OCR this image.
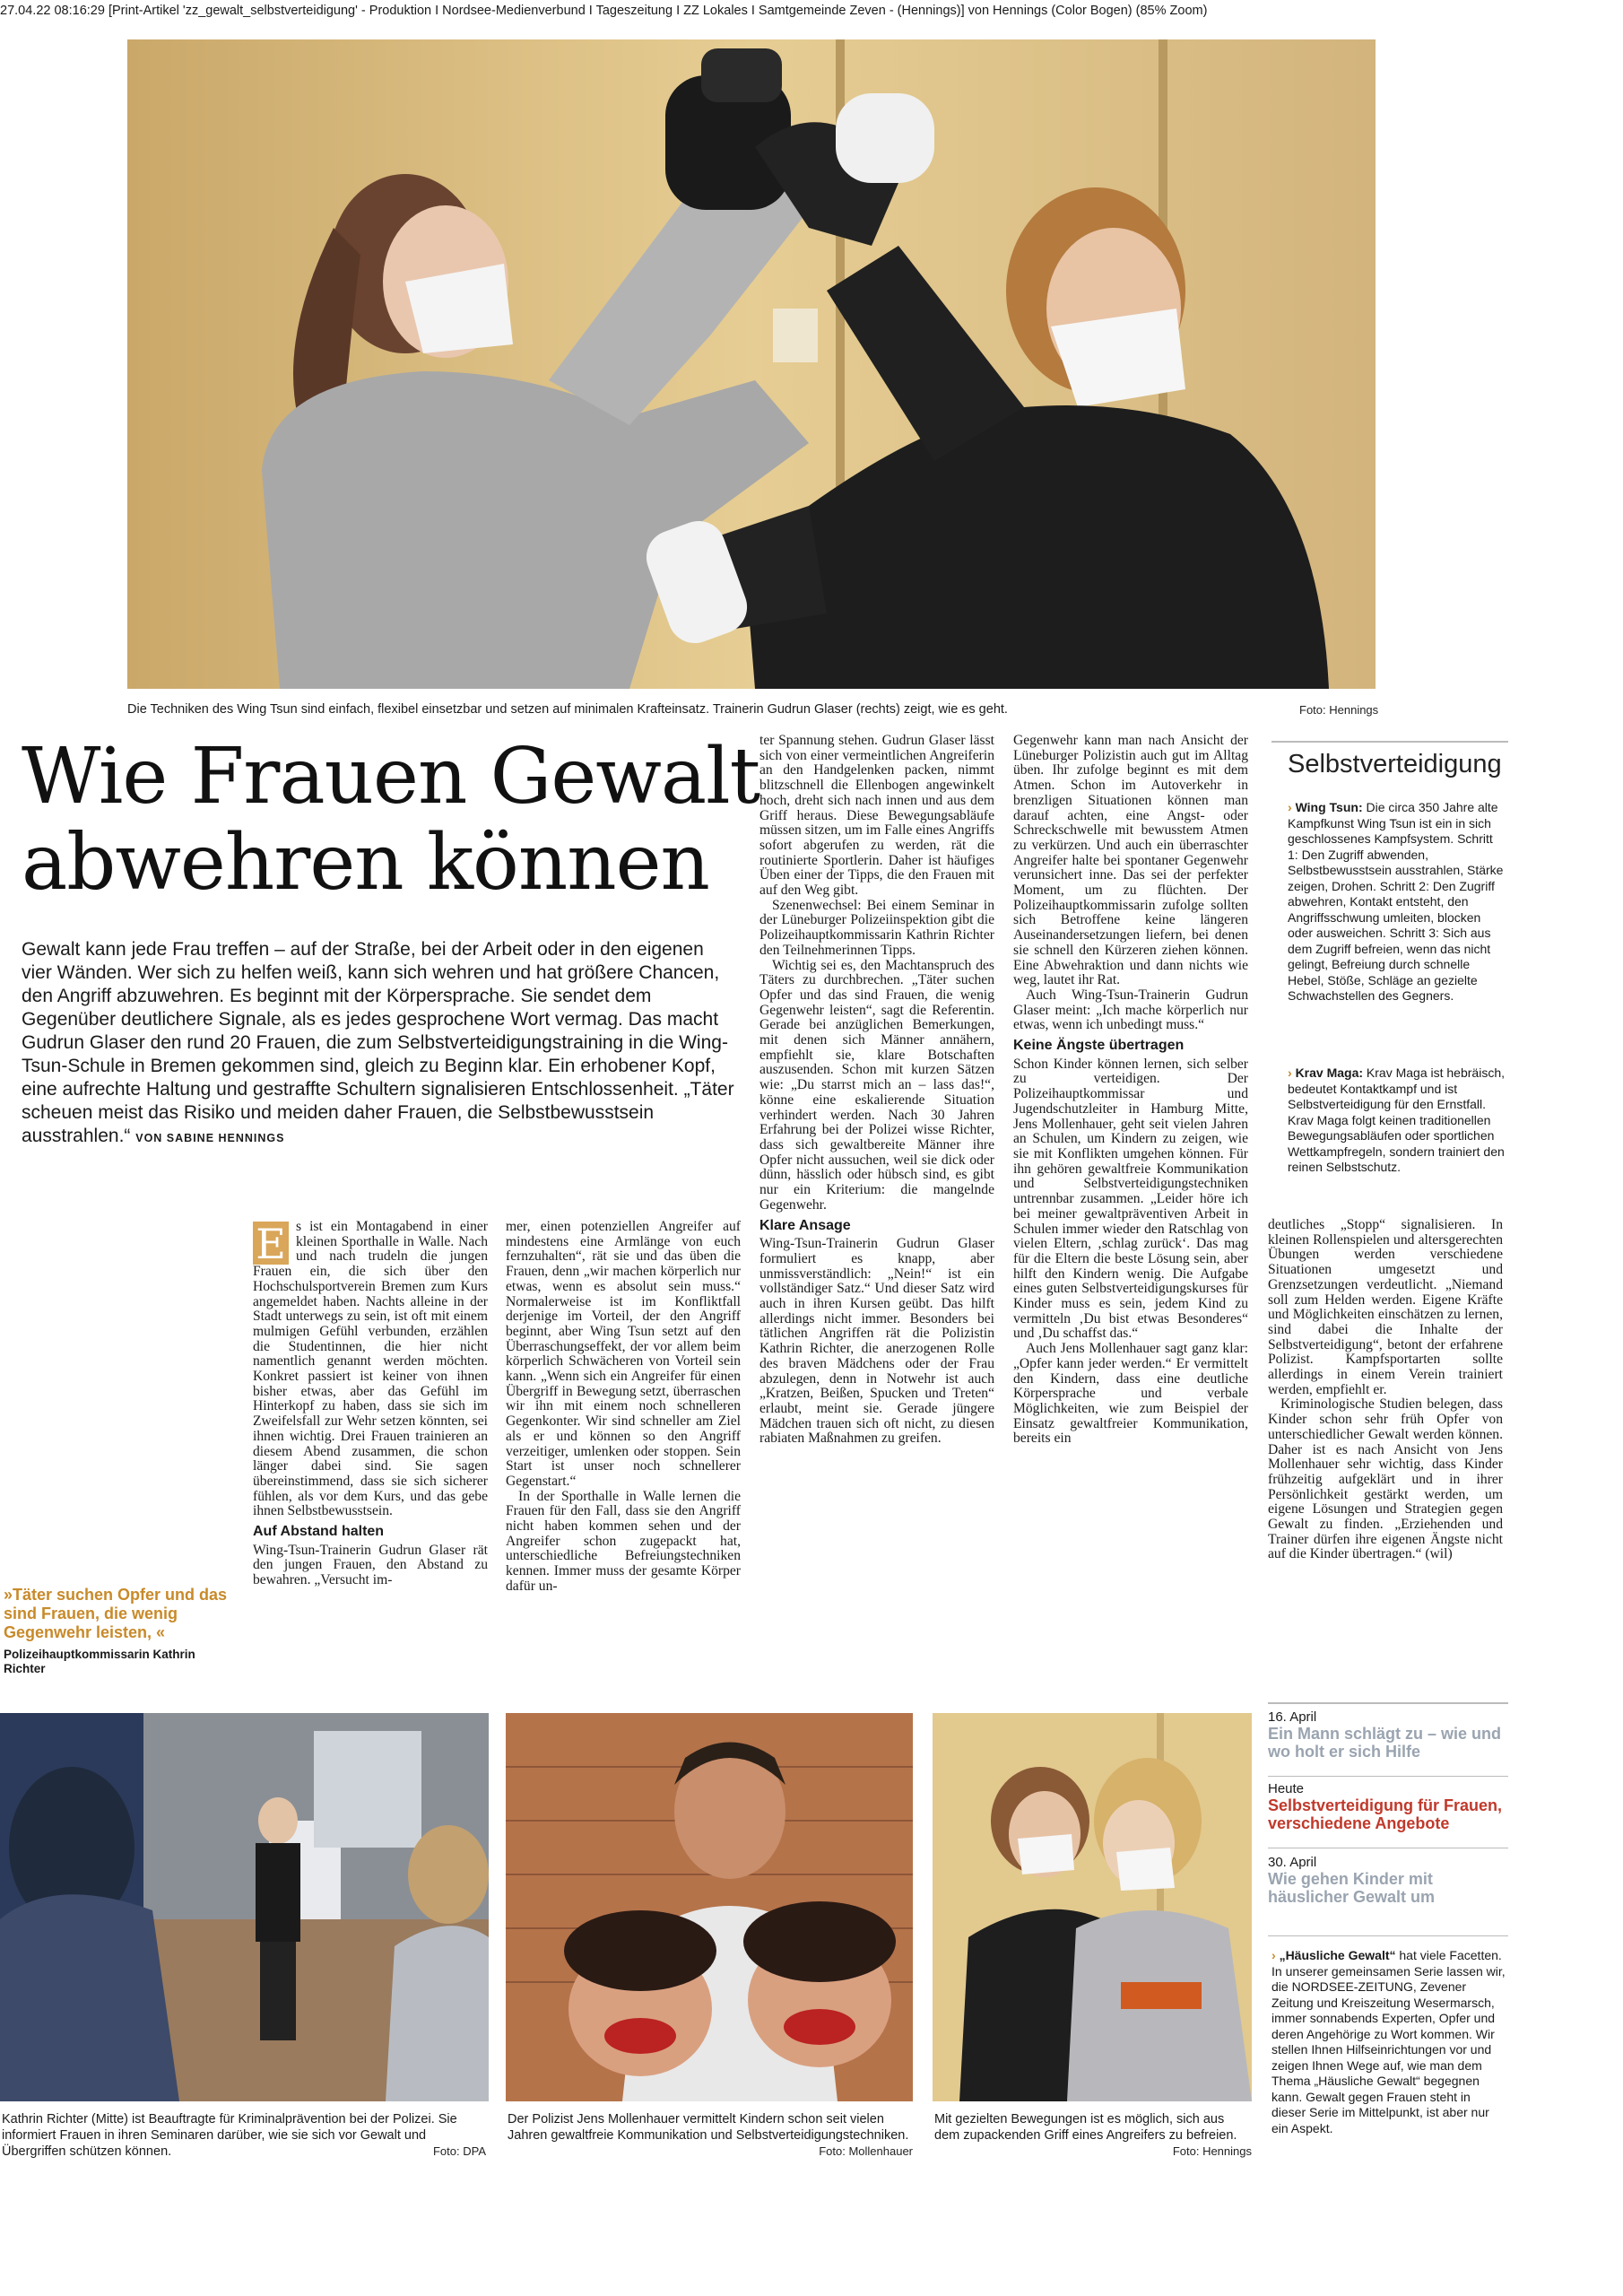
27.04.22 08:16:29 [Print-Artikel 'zz_gewalt_selbstverteidigung' - Produktion I Nordsee-Medienverbund I Tageszeitung I ZZ Lokales I Samtgemeinde Zeven - (Hennings)] von Hennings (Color Bogen) (85% Zoom)
Die Techniken des Wing Tsun sind einfach, flexibel einsetzbar und setzen auf minimalen Krafteinsatz. Trainerin Gudrun Glaser (rechts) zeigt, wie es geht.	Foto: Hennings
Wie Frauen Gewalt
abwehren können
Gewalt kann jede Frau treffen – auf der Straße, bei der Arbeit oder in den eigenen vier Wänden. Wer sich zu helfen weiß, kann sich wehren und hat größere Chancen, den Angriff abzuwehren. Es beginnt mit der Körpersprache. Sie sendet dem Gegenüber deutlichere Signale, als es jedes gesprochene Wort vermag. Das macht Gudrun Glaser den rund 20 Frauen, die zum Selbstverteidigungstraining in die Wing-Tsun-Schule in Bremen gekommen sind, gleich zu Beginn klar. Ein erhobener Kopf, eine aufrechte Haltung und gestraffte Schultern signalisieren Entschlossenheit. „Täter scheuen meist das Risiko und meiden daher Frauen, die Selbstbewusstsein ausstrahlen.“ VON SABINE HENNINGS

E s ist ein Montagabend in einer kleinen Sporthalle in Walle. Nach und nach trudeln die jungen Frauen ein, die sich über den Hochschulsportverein Bremen zum Kurs angemeldet haben. Nachts alleine in der Stadt unterwegs zu sein, ist oft mit einem mulmigen Gefühl verbunden, erzählen die Studentinnen, die hier nicht namentlich genannt werden möchten. Konkret passiert ist keiner von ihnen bisher etwas, aber das Gefühl im Hinterkopf zu haben, dass sie sich im Zweifelsfall zur Wehr setzen könnten, sei ihnen wichtig. Drei Frauen trainieren an diesem Abend zusammen, die schon länger dabei sind. Sie sagen übereinstimmend, dass sie sich sicherer fühlen, als vor dem Kurs, und das gebe ihnen Selbstbewusstsein.

Auf Abstand halten

Wing-Tsun-Trainerin Gudrun Glaser rät den jungen Frauen, den Abstand zu bewahren. „Versucht im-

»Täter suchen Opfer und das sind Frauen, die wenig Gegenwehr leisten, «
Polizeihauptkommissarin Kathrin Richter

mer, einen potenziellen Angreifer auf mindestens eine Armlänge von euch fernzuhalten“, rät sie und das üben die Frauen, denn „wir machen körperlich nur etwas, wenn es absolut sein muss.“ Normalerweise ist im Konfliktfall derjenige im Vorteil, der den Angriff beginnt, aber Wing Tsun setzt auf den Überraschungseffekt, der vor allem beim körperlich Schwächeren von Vorteil sein kann. „Wenn sich ein Angreifer für einen Übergriff in Bewegung setzt, überraschen wir ihn mit einem noch schnelleren Gegenkonter. Wir sind schneller am Ziel als er und können so den Angriff verzeitiger, umlenken oder stoppen. Sein Start ist unser noch schnellerer Gegenstart.“

In der Sporthalle in Walle lernen die Frauen für den Fall, dass sie den Angriff nicht haben kommen sehen und der Angreifer schon zugepackt hat, unterschiedliche Befreiungstechniken kennen. Immer muss der gesamte Körper dafür un-

ter Spannung stehen. Gudrun Glaser lässt sich von einer vermeintlichen Angreiferin an den Handgelenken packen, nimmt blitzschnell die Ellenbogen angewinkelt hoch, dreht sich nach innen und aus dem Griff heraus. Diese Bewegungsabläufe müssen sitzen, um im Falle eines Angriffs sofort abgerufen zu werden, rät die routinierte Sportlerin. Daher ist häufiges Üben einer der Tipps, die den Frauen mit auf den Weg gibt.

Szenenwechsel: Bei einem Seminar in der Lüneburger Polizeiinspektion gibt die Polizeihauptkommissarin Kathrin Richter den Teilnehmerinnen Tipps.

Wichtig sei es, den Machtanspruch des Täters zu durchbrechen. „Täter suchen Opfer und das sind Frauen, die wenig Gegenwehr leisten“, sagt die Referentin. Gerade bei anzüglichen Bemerkungen, mit denen sich Männer annähern, empfiehlt sie, klare Botschaften auszusenden. Schon mit kurzen Sätzen wie: „Du starrst mich an – lass das!“, könne eine eskalierende Situation verhindert werden. Nach 30 Jahren Erfahrung bei der Polizei wisse Richter, dass sich gewaltbereite Männer ihre Opfer nicht aussuchen, weil sie dick oder dünn, hässlich oder hübsch sind, es gibt nur ein Kriterium: die mangelnde Gegenwehr.

Klare Ansage

Wing-Tsun-Trainerin Gudrun Glaser formuliert es knapp, aber unmissverständlich: „Nein!“ ist ein vollständiger Satz.“ Und dieser Satz wird auch in ihren Kursen geübt. Das hilft allerdings nicht immer. Besonders bei tätlichen Angriffen rät die Polizistin Kathrin Richter, die anerzogenen Rolle des braven Mädchens oder der Frau abzulegen, denn in Notwehr ist auch „Kratzen, Beißen, Spucken und Treten“ erlaubt, meint sie. Gerade jüngere Mädchen trauen sich oft nicht, zu diesen rabiaten Maßnahmen zu greifen.

Gegenwehr kann man nach Ansicht der Lüneburger Polizistin auch gut im Alltag üben. Ihr zufolge beginnt es mit dem Atmen. Schon im Autoverkehr in brenzligen Situationen können man darauf achten, eine Angst- oder Schreckschwelle mit bewusstem Atmen zu verkürzen. Und auch ein überraschter Angreifer halte bei spontaner Gegenwehr verunsichert inne. Das sei der perfekter Moment, um zu flüchten. Der Polizeihauptkommissarin zufolge sollten sich Betroffene keine längeren Auseinandersetzungen liefern, bei denen sie schnell den Kürzeren ziehen können. Eine Abwehraktion und dann nichts wie weg, lautet ihr Rat.

Auch Wing-Tsun-Trainerin Gudrun Glaser meint: „Ich mache körperlich nur etwas, wenn ich unbedingt muss.“

Keine Ängste übertragen

Schon Kinder können lernen, sich selber zu verteidigen. Der Polizeihauptkommissar und Jugendschutzleiter in Hamburg Mitte, Jens Mollenhauer, geht seit vielen Jahren an Schulen, um Kindern zu zeigen, wie sie mit Konflikten umgehen können. Für ihn gehören gewaltfreie Kommunikation und Selbstverteidigungstechniken untrennbar zusammen. „Leider höre ich bei meiner gewaltpräventiven Arbeit in Schulen immer wieder den Ratschlag von vielen Eltern, ‚schlag zurück‘. Das mag für die Eltern die beste Lösung sein, aber hilft den Kindern wenig. Die Aufgabe eines guten Selbstverteidigungskurses für Kinder muss es sein, jedem Kind zu vermitteln ‚Du bist etwas Besonderes“ und ‚Du schaffst das.“

Auch Jens Mollenhauer sagt ganz klar: „Opfer kann jeder werden.“ Er vermittelt den Kindern, dass eine deutliche Körpersprache und verbale Möglichkeiten, wie zum Beispiel der Einsatz gewaltfreier Kommunikation, bereits ein

Selbstverteidigung
› Wing Tsun: Die circa 350 Jahre alte Kampfkunst Wing Tsun ist ein in sich geschlossenes Kampfsystem. Schritt 1: Den Zugriff abwenden, Selbstbewusstsein ausstrahlen, Stärke zeigen, Drohen. Schritt 2: Den Zugriff abwehren, Kontakt entsteht, den Angriffsschwung umleiten, blocken oder ausweichen. Schritt 3: Sich aus dem Zugriff befreien, wenn das nicht gelingt, Befreiung durch schnelle Hebel, Stöße, Schläge an gezielte Schwachstellen des Gegners.
› Krav Maga: Krav Maga ist hebräisch, bedeutet Kontaktkampf und ist Selbstverteidigung für den Ernstfall. Krav Maga folgt keinen traditionellen Bewegungsabläufen oder sportlichen Wettkampfregeln, sondern trainiert den reinen Selbstschutz.

deutliches „Stopp“ signalisieren. In kleinen Rollenspielen und altersgerechten Übungen werden verschiedene Situationen umgesetzt und Grenzsetzungen verdeutlicht. „Niemand soll zum Helden werden. Eigene Kräfte und Möglichkeiten einschätzen zu lernen, sind dabei die Inhalte der Selbstverteidigung“, betont der erfahrene Polizist. Kampfsportarten sollte allerdings in einem Verein trainiert werden, empfiehlt er.

Kriminologische Studien belegen, dass Kinder schon sehr früh Opfer von unterschiedlicher Gewalt werden können. Daher ist es nach Ansicht von Jens Mollenhauer sehr wichtig, dass Kinder frühzeitig aufgeklärt und in ihrer Persönlichkeit gestärkt werden, um eigene Lösungen und Strategien gegen Gewalt zu finden. „Erziehenden und Trainer dürfen ihre eigenen Ängste nicht auf die Kinder übertragen.“ (wil)

16. April
Ein Mann schlägt zu – wie und wo holt er sich Hilfe
Heute
Selbstverteidigung für Frauen, verschiedene Angebote
30. April
Wie gehen Kinder mit häuslicher Gewalt um
› „Häusliche Gewalt“ hat viele Facetten. In unserer gemeinsamen Serie lassen wir, die NORDSEE-ZEITUNG, Zevener Zeitung und Kreiszeitung Wesermarsch, immer sonnabends Experten, Opfer und deren Angehörige zu Wort kommen. Wir stellen Ihnen Hilfseinrichtungen vor und zeigen Ihnen Wege auf, wie man dem Thema „Häusliche Gewalt“ begegnen kann. Gewalt gegen Frauen steht in dieser Serie im Mittelpunkt, ist aber nur ein Aspekt.
Kathrin Richter (Mitte) ist Beauftragte für Kriminalprävention bei der Polizei. Sie informiert Frauen in ihren Seminaren darüber, wie sie sich vor Gewalt und Übergriffen schützen können.	Foto: DPA
Der Polizist Jens Mollenhauer vermittelt Kindern schon seit vielen Jahren gewaltfreie Kommunikation und Selbstverteidigungstechniken.
Foto: Mollenhauer
Mit gezielten Bewegungen ist es möglich, sich aus dem zupackenden Griff eines Angreifers zu befreien.
Foto: Hennings
